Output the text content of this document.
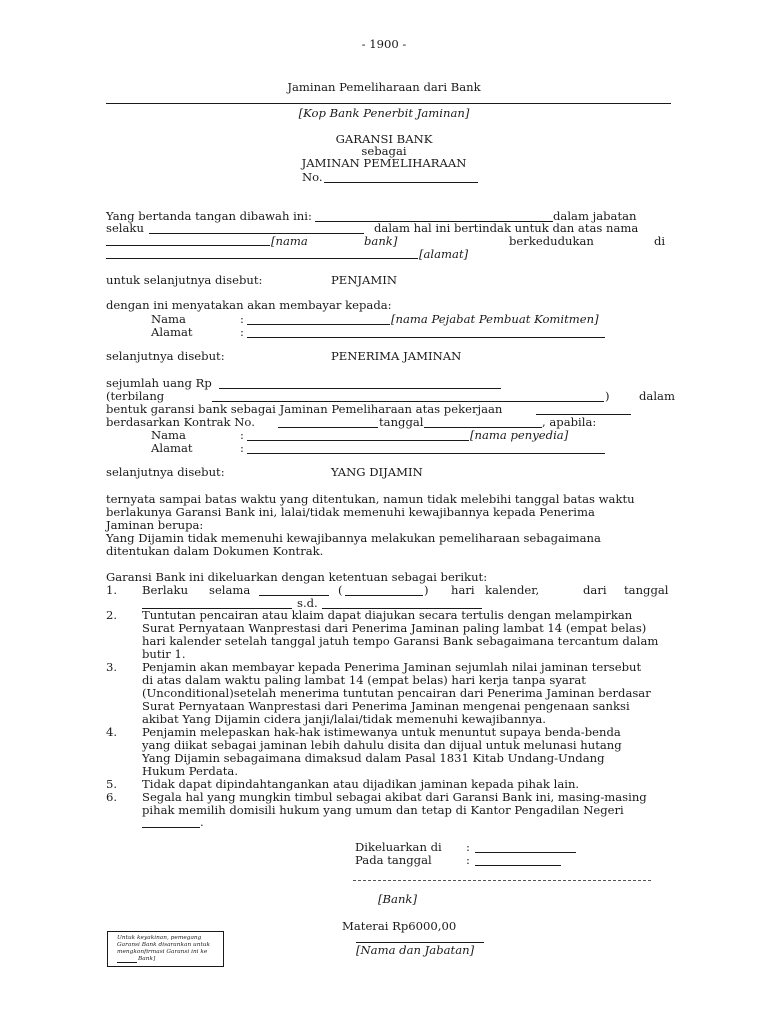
- 1900 -
Jaminan Pemeliharaan dari Bank
[Kop Bank Penerbit Jaminan]
GARANSI BANK
sebagai
JAMINAN PEMELIHARAAN
No.
Yang bertanda tangan dibawah ini:	dalam jabatan
selaku	dalam hal ini bertindak untuk dan atas nama
[nama	bank]	berkedudukan	di
[alamat]
untuk selanjutnya disebut:	PENJAMIN
dengan ini menyatakan akan membayar kepada:
Nama	:	[nama Pejabat Pembuat Komitmen]
Alamat	:
selanjutnya disebut:	PENERIMA JAMINAN
sejumlah uang Rp
(terbilang	)	dalam
bentuk garansi bank sebagai Jaminan Pemeliharaan atas pekerjaan
berdasarkan Kontrak No.	tanggal	, apabila:
Nama	:	[nama penyedia]
Alamat	:
selanjutnya disebut:	YANG DIJAMIN
ternyata sampai batas waktu yang ditentukan, namun tidak melebihi tanggal batas waktu
berlakunya Garansi Bank ini, lalai/tidak memenuhi kewajibannya kepada Penerima
Jaminan berupa:
Yang Dijamin tidak memenuhi kewajibannya melakukan pemeliharaan sebagaimana
ditentukan dalam Dokumen Kontrak.
Garansi Bank ini dikeluarkan dengan ketentuan sebagai berikut:
1. Berlaku selama	(	) hari kalender,	dari tanggal
s.d.
2. Tuntutan pencairan atau klaim dapat diajukan secara tertulis dengan melampirkan
Surat Pernyataan Wanprestasi dari Penerima Jaminan paling lambat 14 (empat belas)
hari kalender setelah tanggal jatuh tempo Garansi Bank sebagaimana tercantum dalam
butir 1.
3. Penjamin akan membayar kepada Penerima Jaminan sejumlah nilai jaminan tersebut
di atas dalam waktu paling lambat 14 (empat belas) hari kerja tanpa syarat
(Unconditional)setelah menerima tuntutan pencairan dari Penerima Jaminan berdasar
Surat Pernyataan Wanprestasi dari Penerima Jaminan mengenai pengenaan sanksi
akibat Yang Dijamin cidera janji/lalai/tidak memenuhi kewajibannya.
4. Penjamin melepaskan hak-hak istimewanya untuk menuntut supaya benda-benda
yang diikat sebagai jaminan lebih dahulu disita dan dijual untuk melunasi hutang
Yang Dijamin sebagaimana dimaksud dalam Pasal 1831 Kitab Undang-Undang
Hukum Perdata.
5. Tidak dapat dipindahtangankan atau dijadikan jaminan kepada pihak lain.
6. Segala hal yang mungkin timbul sebagai akibat dari Garansi Bank ini, masing-masing
pihak memilih domisili hukum yang umum dan tetap di Kantor Pengadilan Negeri
.
Dikeluarkan di :
Pada tanggal	:
[Bank]
Materai Rp6000,00
[Nama dan Jabatan]
Untuk keyakinan, pemegang
Garansi Bank disarankan untuk
mengkonfirmasi Garansi ini ke
Bank]
